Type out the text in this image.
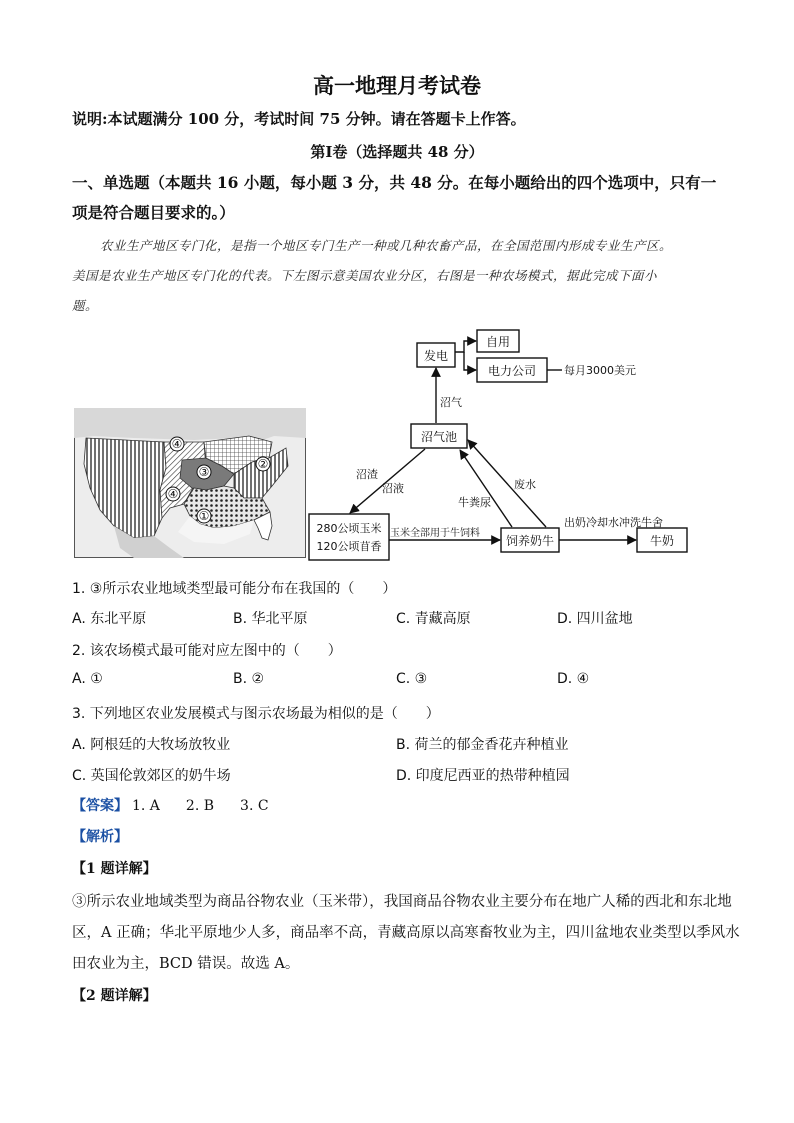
高一地理月考试卷
说明:本试题满分 100 分，考试时间 75 分钟。请在答题卡上作答。
第Ⅰ卷（选择题共 48 分）
一、单选题（本题共 16 小题，每小题 3 分，共 48 分。在每小题给出的四个选项中，只有一
项是符合题目要求的。）
农业生产地区专门化，是指一个地区专门生产一种或几种农畜产品，在全国范围内形成专业生产区。
美国是农业生产地区专门化的代表。下左图示意美国农业分区，右图是一种农场模式，据此完成下面小
题。
④
②
③
④
①
发电
自用
电力公司
沼气池
280公顷玉米
120公顷苜香	饲养奶牛	牛奶
每月3000美元
沼气
沼渣
沼液
牛粪尿
废水
玉米全部用于牛饲料
出奶冷却水冲洗牛舍
1. ③所示农业地域类型最可能分布在我国的（　　）
A. 东北平原	B. 华北平原	C. 青藏高原	D. 四川盆地
2. 该农场模式最可能对应左图中的（　　）
A. ①	B. ②	C. ③	D. ④
3. 下列地区农业发展模式与图示农场最为相似的是（　　）
A. 阿根廷的大牧场放牧业	B. 荷兰的郁金香花卉种植业
C. 英国伦敦郊区的奶牛场	D. 印度尼西亚的热带种植园
【答案】 1. A 2. B 3. C
【解析】
【1 题详解】
③所示农业地域类型为商品谷物农业（玉米带），我国商品谷物农业主要分布在地广人稀的西北和东北地
区，A 正确；华北平原地少人多，商品率不高，青藏高原以高寒畜牧业为主，四川盆地农业类型以季风水
田农业为主，BCD 错误。故选 A。
【2 题详解】
